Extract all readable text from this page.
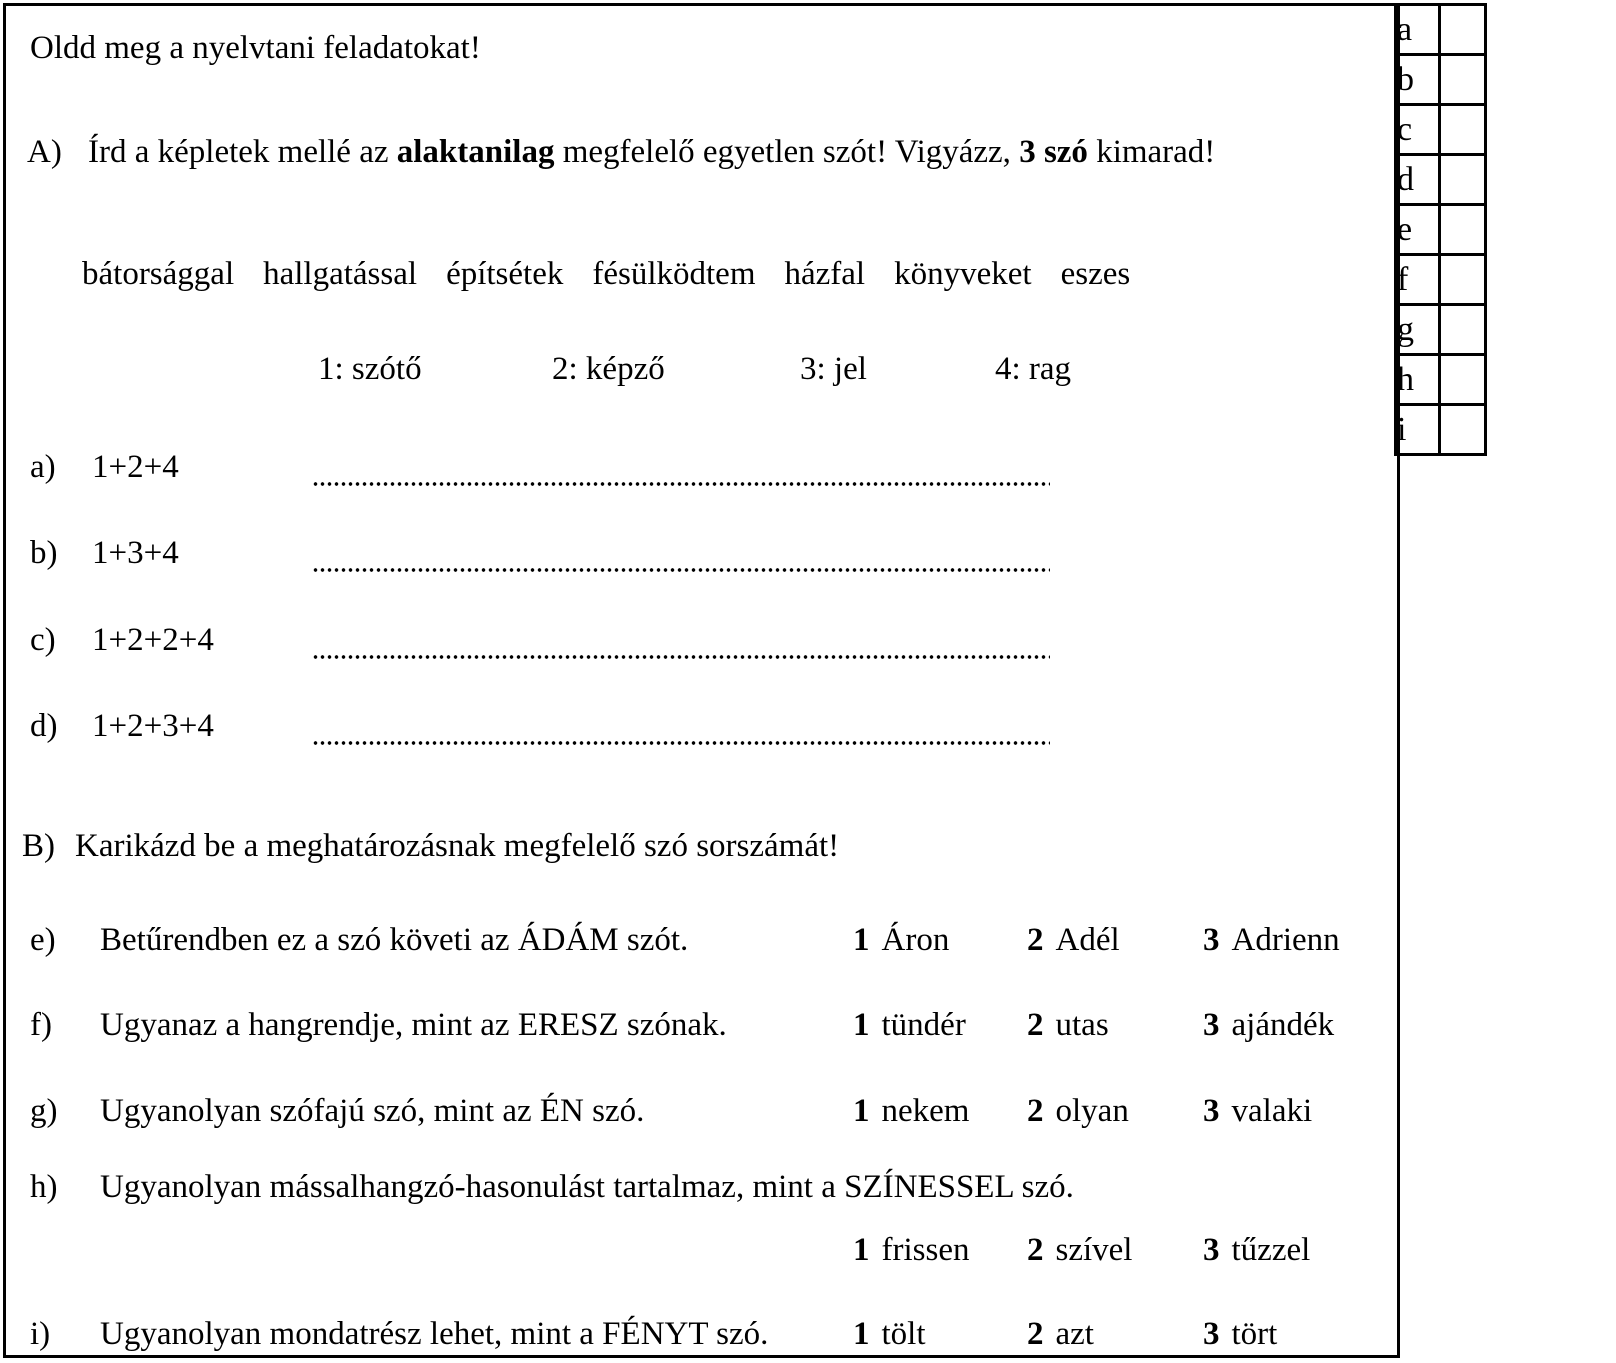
Oldd meg a nyelvtani feladatokat!
A) Írd a képletek mellé az alaktanilag megfelelő egyetlen szót! Vigyázz, 3 szó kimarad!
bátorsággal hallgatással építsétek fésülködtem házfal könyveket eszes
1: szótő	2: képző	3: jel	4: rag
a) 1+2+4
b) 1+3+4
c) 1+2+2+4
d) 1+2+3+4
B) Karikázd be a meghatározásnak megfelelő szó sorszámát!
e) Betűrendben ez a szó követi az ÁDÁM szót.	1 Áron 2 Adél	3 Adrienn
f) Ugyanaz a hangrendje, mint az ERESZ szónak.	1 tündér 2 utas	3 ajándék
g) Ugyanolyan szófajú szó, mint az ÉN szó.	1 nekem 2 olyan 3 valaki
h) Ugyanolyan mássalhangzó-hasonulást tartalmaz, mint a SZÍNESSEL szó.
1 frissen 2 szível 3 tűzzel
i) Ugyanolyan mondatrész lehet, mint a FÉNYT szó.	1 tölt	2 azt	3 tört
a	
b	
c	
d	
e	
f	
g	
h	
i	
